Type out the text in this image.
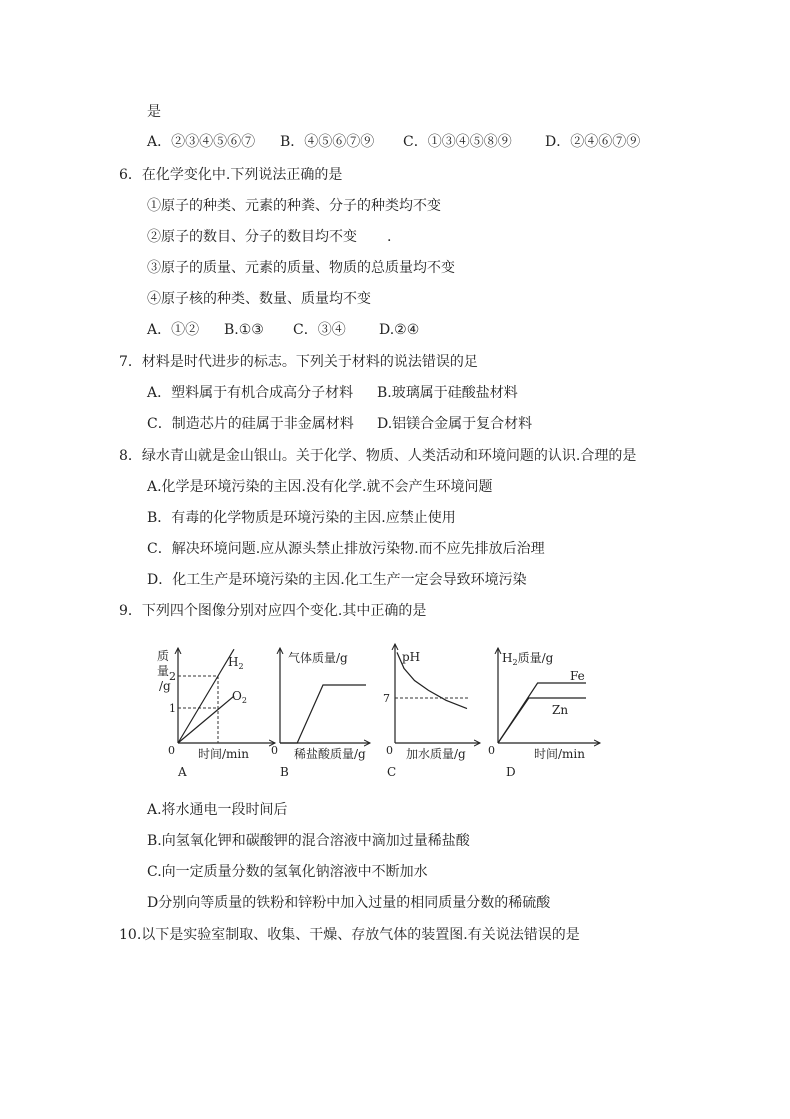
是
A．②③④⑤⑥⑦ B．④⑤⑥⑦⑨ C．①③④⑤⑧⑨ D．②④⑥⑦⑨
6．在化学变化中.下列说法正确的是
①原子的种类、元素的种粪、分子的种类均不变
②原子的数目、分子的数目均不变 .
③原子的质量、元素的质量、物质的总质量均不变
④原子核的种类、数量、质量均不变
A．①② B.①③ C．③④ D.②④
7．材料是时代进步的标志。下列关于材料的说法错误的足
A．塑料属于有机合成高分子材料 B.玻璃属于硅酸盐材料
C．制造芯片的硅属于非金属材料 D.铝镁合金属于复合材料
8．绿水青山就是金山银山。关于化学、物质、人类活动和环境问题的认识.合理的是
A.化学是环境污染的主因.没有化学.就不会产生环境问题
B．有毒的化学物质是环境污染的主因.应禁止使用
C．解决环境问题.应从源头禁止排放污染物.而不应先排放后治理
D．化工生产是环境污染的主因.化工生产一定会导致环境污染
9．下列四个图像分别对应四个变化.其中正确的是
质
量
/g
2
1
$H_2$
$O_2$
0 时间/min
A
气体质量/g
0 稀盐酸质量/g
B
pH
7
0 加水质量/g
C
$H_2$质量/g
Fe
Zn
0	时间/min
D
A.将水通电一段时间后
B.向氢氧化钾和碳酸钾的混合溶液中滴加过量稀盐酸
C.向一定质量分数的氢氧化钠溶液中不断加水
D分别向等质量的铁粉和锌粉中加入过量的相同质量分数的稀硫酸
10.以下是实验室制取、收集、干燥、存放气体的装置图.有关说法错误的是
